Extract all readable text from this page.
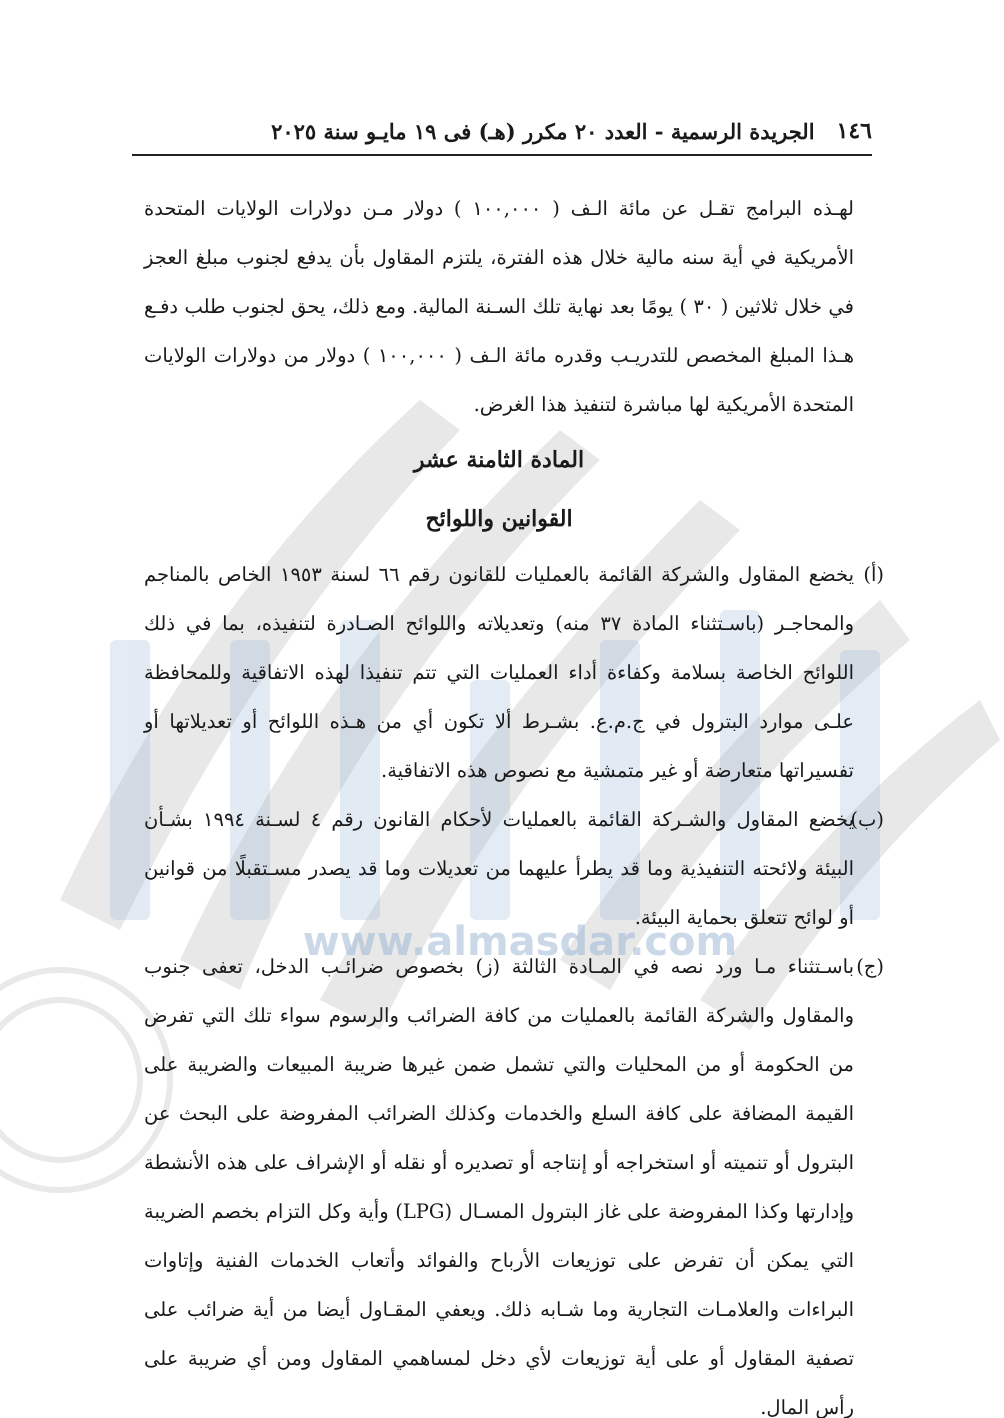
www.almasdar.com
١٤٦
الجريدة الرسمية - العدد ٢٠ مكرر (هـ) فى ١٩ مايـو سنة ٢٠٢٥

لهـذه البرامج تقـل عن مائة الـف ( ١٠٠,٠٠٠ ) دولار مـن دولارات الولايات المتحدة الأمريكية في أية سنه مالية خلال هذه الفترة، يلتزم المقاول بأن يدفع لجنوب مبلغ العجز في خلال ثلاثين ( ٣٠ ) يومًا بعد نهاية تلك السـنة المالية. ومع ذلك، يحق لجنوب طلب دفـع هـذا المبلغ المخصص للتدريـب وقدره مائة الـف ( ١٠٠,٠٠٠ ) دولار من دولارات الولايات المتحدة الأمريكية لها مباشرة لتنفيذ هذا الغرض.

المادة الثامنة عشر
القوانين واللوائح
(أ)
يخضع المقاول والشركة القائمة بالعمليات للقانون رقم ٦٦ لسنة ١٩٥٣ الخاص بالمناجم والمحاجـر (باسـتثناء المادة ٣٧ منه) وتعديلاته واللوائح الصـادرة لتنفيذه، بما في ذلك اللوائح الخاصة بسلامة وكفاءة أداء العمليات التي تتم تنفيذا لهذه الاتفاقية وللمحافظة علـى موارد البترول في ج.م.ع. بشـرط ألا تكون أي من هـذه اللوائح أو تعديلاتها أو تفسيراتها متعارضة أو غير متمشية مع نصوص هذه الاتفاقية.
(ب)
يخضع المقاول والشـركة القائمة بالعمليات لأحكام القانون رقم ٤ لسـنة ١٩٩٤ بشـأن البيئة ولائحته التنفيذية وما قد يطرأ عليهما من تعديلات وما قد يصدر مسـتقبلًا من قوانين أو لوائح تتعلق بحماية البيئة.
(ج)
باسـتثناء مـا ورد نصه في المـادة الثالثة (ز) بخصوص ضرائـب الدخل، تعفى جنوب والمقاول والشركة القائمة بالعمليات من كافة الضرائب والرسوم سواء تلك التي تفرض من الحكومة أو من المحليات والتي تشمل ضمن غيرها ضريبة المبيعات والضريبة على القيمة المضافة على كافة السلع والخدمات وكذلك الضرائب المفروضة على البحث عن البترول أو تنميته أو استخراجه أو إنتاجه أو تصديره أو نقله أو الإشراف على هذه الأنشطة وإدارتها وكذا المفروضة على غاز البترول المسـال (LPG) وأية وكل التزام بخصم الضريبة التي يمكن أن تفرض على توزيعات الأرباح والفوائد وأتعاب الخدمات الفنية وإتاوات البراءات والعلامـات التجارية وما شـابه ذلك. ويعفي المقـاول أيضا من أية ضرائب على تصفية المقاول أو على أية توزيعات لأي دخل لمساهمي المقاول ومن أي ضريبة على رأس المال.
